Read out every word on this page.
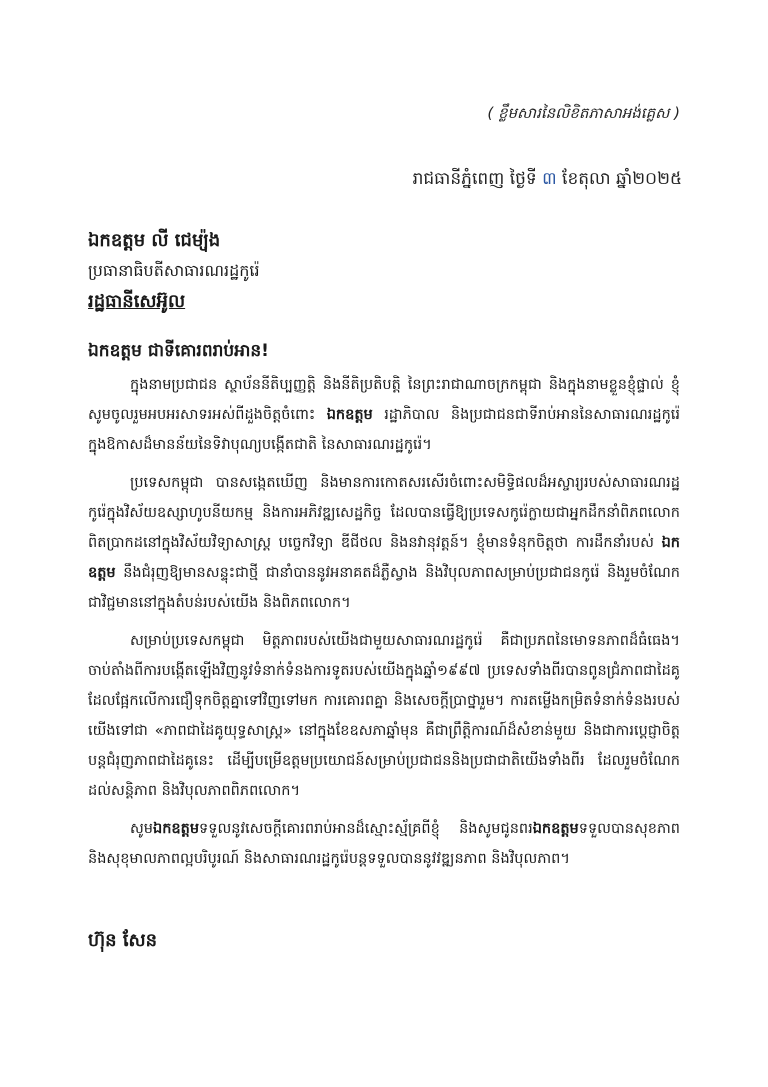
( ខ្លឹមសារនៃលិខិតភាសាអង់គ្លេស )
រាជធានីភ្នំពេញ ថ្ងៃទី ៣ ខែតុលា ឆ្នាំ២០២៥
ឯកឧត្តម លី ជេម្យ៉ុង
ប្រធានាធិបតីសាធារណរដ្ឋកូរ៉េ
រដ្ឋធានីសេអ៊ូល
ឯកឧត្តម ជាទីគោរពរាប់អាន!

ក្នុងនាមប្រជាជន ស្ថាប័ននីតិប្បញ្ញត្តិ និងនីតិប្រតិបត្តិ នៃព្រះរាជាណាចក្រកម្ពុជា និងក្នុងនាមខ្លួនខ្ញុំផ្ទាល់ ខ្ញុំសូមចូលរួមអបអរសាទរអស់ពីដួងចិត្តចំពោះ ឯកឧត្តម រដ្ឋាភិបាល និងប្រជាជនជាទីរាប់អាននៃសាធារណរដ្ឋកូរ៉េ ក្នុងឱកាសដ៏មានន័យនៃទិវាបុណ្យបង្កើតជាតិ នៃសាធារណរដ្ឋកូរ៉េ។

ប្រទេសកម្ពុជា បានសង្កេតឃើញ និងមានការកោតសរសើរចំពោះសមិទ្ធិផលដ៏អស្ចារ្យរបស់សាធារណរដ្ឋកូរ៉េក្នុងវិស័យឧស្សាហូបនីយកម្ម និងការអភិវឌ្ឍសេដ្ឋកិច្ច ដែលបានធ្វើឱ្យប្រទេសកូរ៉េក្លាយជាអ្នកដឹកនាំពិភពលោកពិតប្រាកដនៅក្នុងវិស័យវិទ្យាសាស្ត្រ បច្ចេកវិទ្យា ឌីជីថល និងនវានុវត្តន៍។ ខ្ញុំមានទំនុកចិត្តថា ការដឹកនាំរបស់ ឯកឧត្តម នឹងជំរុញឱ្យមានសន្ទុះជាថ្មី ជានាំបាននូវអនាគតដ៏ភ្លឺស្វាង និងវិបុលភាពសម្រាប់ប្រជាជនកូរ៉េ និងរួមចំណែកជាវិជ្ជមាននៅក្នុងតំបន់របស់យើង និងពិភពលោក។

សម្រាប់ប្រទេសកម្ពុជា មិត្តភាពរបស់យើងជាមួយសាធារណរដ្ឋកូរ៉េ គឺជាប្រភពនៃមោទនភាពដ៏ធំធេង។ ចាប់តាំងពីការបង្កើតឡើងវិញនូវទំនាក់ទំនងការទូតរបស់យើងក្នុងឆ្នាំ១៩៩៧ ប្រទេសទាំងពីរបានពូនជ្រំភាពជាដៃគូ ដែលផ្អែកលើការជឿទុកចិត្តគ្នាទៅវិញទៅមក ការគោរពគ្នា និងសេចក្តីប្រាថ្នារួម។ ការតម្លើងកម្រិតទំនាក់ទំនងរបស់យើងទៅជា «ភាពជាដៃគូយុទ្ធសាស្ត្រ» នៅក្នុងខែឧសភាឆ្នាំមុន គឺជាព្រឹត្តិការណ៍ដ៏សំខាន់មួយ និងជាការប្តេជ្ញាចិត្តបន្តជំរុញភាពជាដៃគូនេះ ដើម្បីបម្រើឧត្តមប្រយោជន៍សម្រាប់ប្រជាជននិងប្រជាជាតិយើងទាំងពីរ ដែលរួមចំណែកដល់សន្តិភាព និងវិបុលភាពពិភពលោក។

សូមឯកឧត្តមទទួលនូវសេចក្តីគោរពរាប់អានដ៏ស្មោះស្ម័គ្រពីខ្ញុំ និងសូមជូនពរឯកឧត្តមទទួលបានសុខភាព និងសុខុមាលភាពល្អបរិបូរណ៍ និងសាធារណរដ្ឋកូរ៉េបន្តទទួលបាននូវវឌ្ឍនភាព និងវិបុលភាព។

ហ៊ុន សែន
